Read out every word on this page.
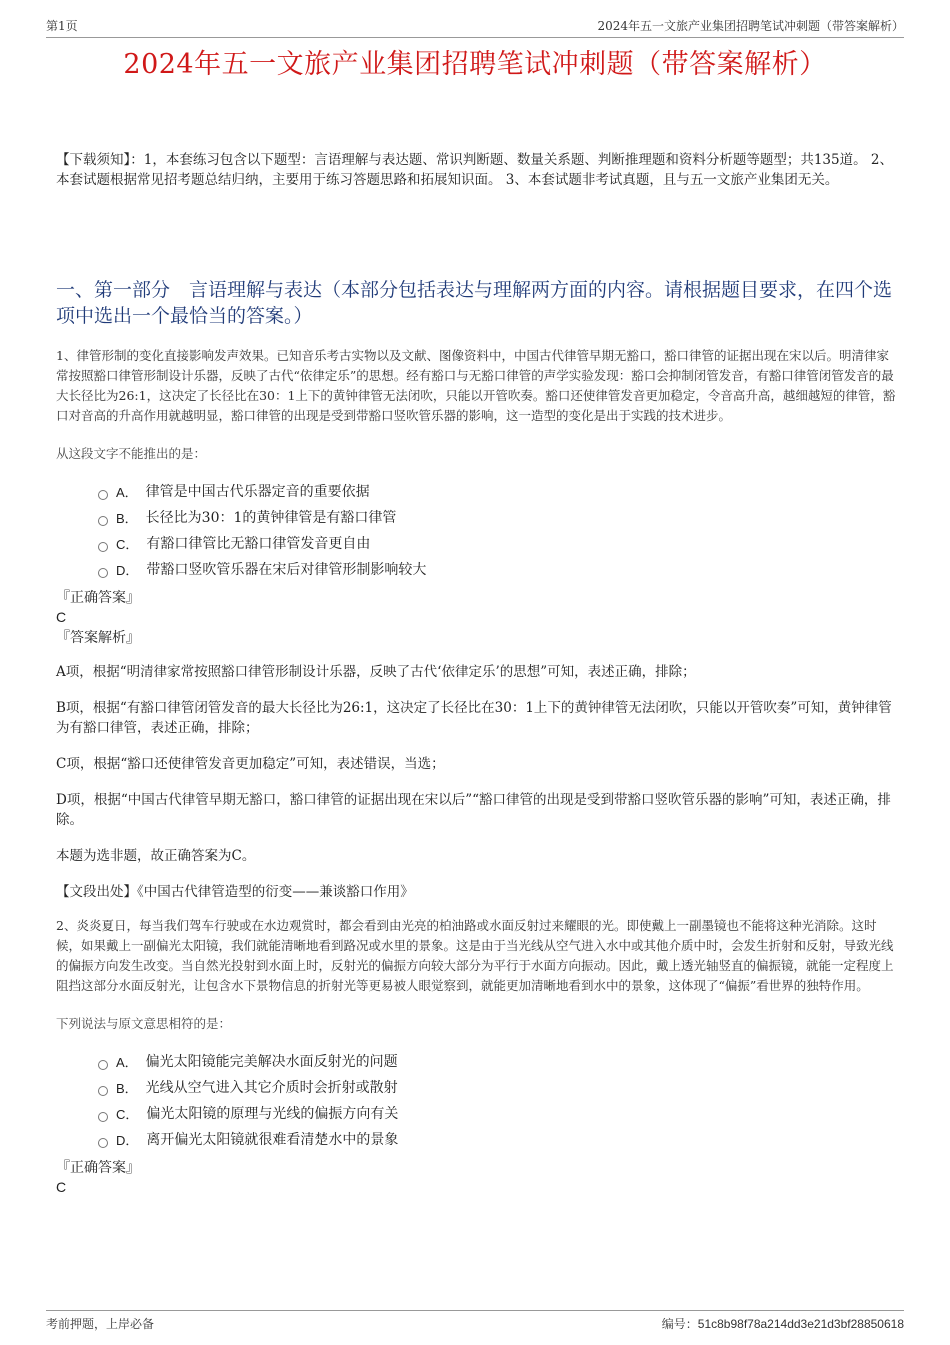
第1页	2024年五一文旅产业集团招聘笔试冲刺题（带答案解析）
2024年五一文旅产业集团招聘笔试冲刺题（带答案解析）
【下载须知】：1，本套练习包含以下题型：言语理解与表达题、常识判断题、数量关系题、判断推理题和资料分析题等题型；共135道。 2、本套试题根据常见招考题总结归纳，主要用于练习答题思路和拓展知识面。 3、本套试题非考试真题，且与五一文旅产业集团无关。
一、第一部分　言语理解与表达（本部分包括表达与理解两方面的内容。请根据题目要求，在四个选项中选出一个最恰当的答案。）

1、律管形制的变化直接影响发声效果。已知音乐考古实物以及文献、图像资料中，中国古代律管早期无豁口，豁口律管的证据出现在宋以后。明清律家常按照豁口律管形制设计乐器，反映了古代“依律定乐”的思想。经有豁口与无豁口律管的声学实验发现：豁口会抑制闭管发音，有豁口律管闭管发音的最大长径比为26:1，这决定了长径比在30：1上下的黄钟律管无法闭吹，只能以开管吹奏。豁口还使律管发音更加稳定，令音高升高，越细越短的律管，豁口对音高的升高作用就越明显，豁口律管的出现是受到带豁口竖吹管乐器的影响，这一造型的变化是出于实践的技术进步。

从这段文字不能推出的是：

A． 律管是中国古代乐器定音的重要依据
B． 长径比为30：1的黄钟律管是有豁口律管
C． 有豁口律管比无豁口律管发音更自由
D． 带豁口竖吹管乐器在宋后对律管形制影响较大

『正确答案』

C

『答案解析』

A项，根据“明清律家常按照豁口律管形制设计乐器，反映了古代‘依律定乐’的思想”可知，表述正确，排除；

B项，根据“有豁口律管闭管发音的最大长径比为26:1，这决定了长径比在30：1上下的黄钟律管无法闭吹，只能以开管吹奏”可知，黄钟律管为有豁口律管，表述正确，排除；

C项，根据“豁口还使律管发音更加稳定”可知，表述错误，当选；

D项，根据“中国古代律管早期无豁口，豁口律管的证据出现在宋以后”“豁口律管的出现是受到带豁口竖吹管乐器的影响”可知，表述正确，排除。

本题为选非题，故正确答案为C。

【文段出处】《中国古代律管造型的衍变——兼谈豁口作用》

2、炎炎夏日，每当我们驾车行驶或在水边观赏时，都会看到由光亮的柏油路或水面反射过来耀眼的光。即使戴上一副墨镜也不能将这种光消除。这时候，如果戴上一副偏光太阳镜，我们就能清晰地看到路况或水里的景象。这是由于当光线从空气进入水中或其他介质中时，会发生折射和反射，导致光线的偏振方向发生改变。当自然光投射到水面上时，反射光的偏振方向较大部分为平行于水面方向振动。因此，戴上透光轴竖直的偏振镜，就能一定程度上阻挡这部分水面反射光，让包含水下景物信息的折射光等更易被人眼觉察到，就能更加清晰地看到水中的景象，这体现了“偏振”看世界的独特作用。

下列说法与原文意思相符的是：

A． 偏光太阳镜能完美解决水面反射光的问题
B． 光线从空气进入其它介质时会折射或散射
C． 偏光太阳镜的原理与光线的偏振方向有关
D． 离开偏光太阳镜就很难看清楚水中的景象

『正确答案』

C

考前押题，上岸必备	编号：51c8b98f78a214dd3e21d3bf28850618
